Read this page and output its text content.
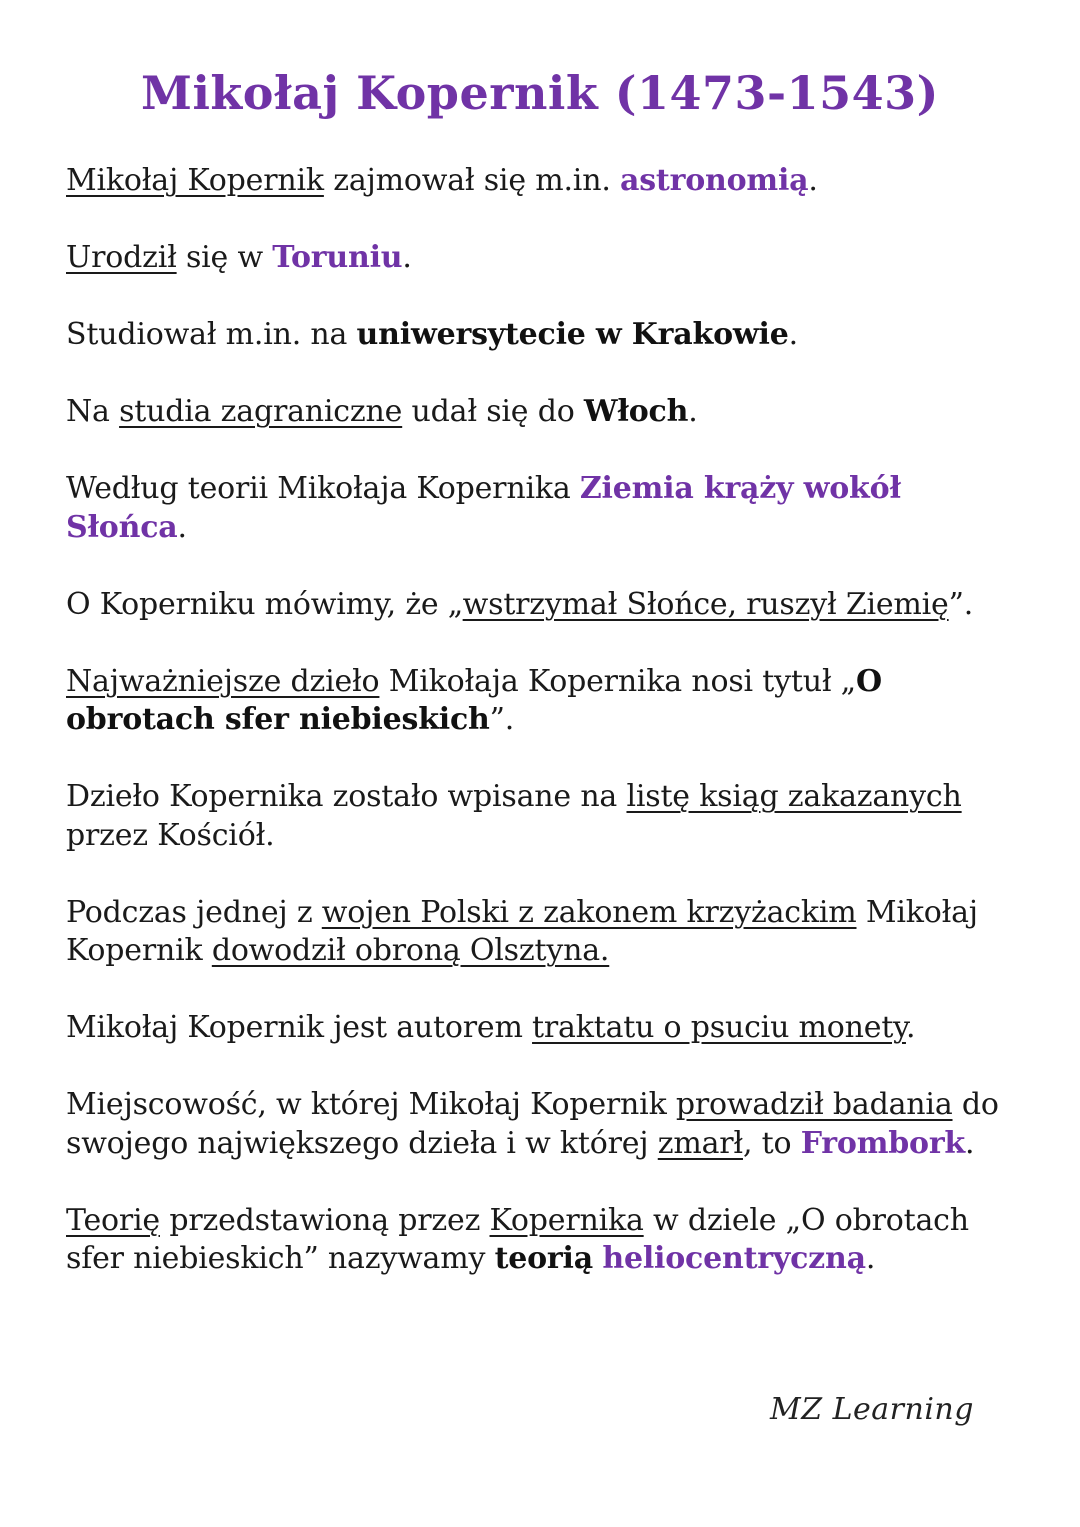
Mikołaj Kopernik (1473-1543)

Mikołaj Kopernik zajmował się m.in. astronomią.

Urodził się w Toruniu.

Studiował m.in. na uniwersytecie w Krakowie.

Na studia zagraniczne udał się do Włoch.

Według teorii Mikołaja Kopernika Ziemia krąży wokół Słońca.

O Koperniku mówimy, że „wstrzymał Słońce, ruszył Ziemię”.

Najważniejsze dzieło Mikołaja Kopernika nosi tytuł „O obrotach sfer niebieskich”.

Dzieło Kopernika zostało wpisane na listę ksiąg zakazanych przez Kościół.

Podczas jednej z wojen Polski z zakonem krzyżackim Mikołaj Kopernik dowodził obroną Olsztyna.

Mikołaj Kopernik jest autorem traktatu o psuciu monety.

Miejscowość, w której Mikołaj Kopernik prowadził badania do swojego największego dzieła i w której zmarł, to Frombork.

Teorię przedstawioną przez Kopernika w dziele „O obrotach sfer niebieskich” nazywamy teorią heliocentryczną.

MZ Learning
